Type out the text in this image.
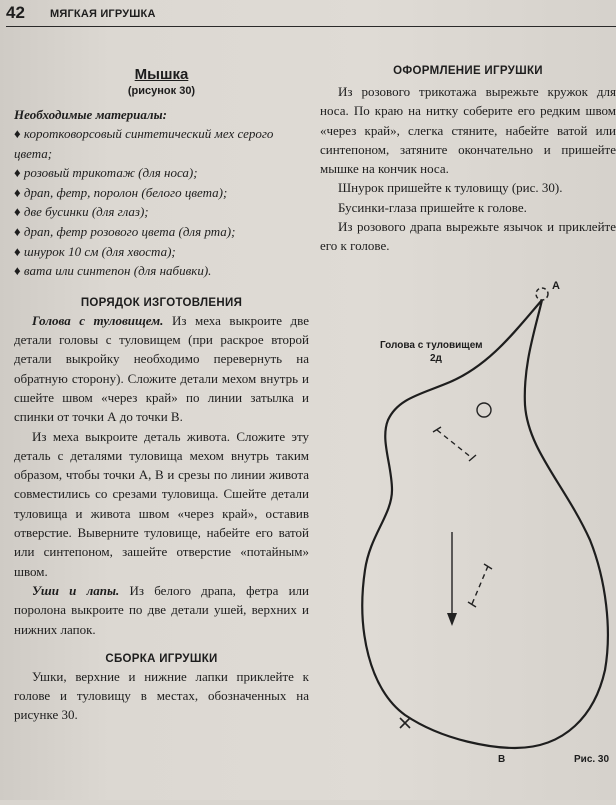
42 МЯГКАЯ ИГРУШКА
Мышка
(рисунок 30)
Необходимые материалы:
♦ коротковорсовый синтетический мех серого цвета;
♦ розовый трикотаж (для носа);
♦ драп, фетр, поролон (белого цвета);
♦ две бусинки (для глаз);
♦ драп, фетр розового цвета (для рта);
♦ шнурок 10 см (для хвоста);
♦ вата или синтепон (для набивки).
ПОРЯДОК ИЗГОТОВЛЕНИЯ

Голова с туловищем. Из меха выкроите две детали головы с туловищем (при раскрое второй детали выкройку необходимо перевернуть на обратную сторону). Сложите детали мехом внутрь и сшейте швом «через край» по линии затылка и спинки от точки А до точки В.

Из меха выкроите деталь живота. Сложите эту деталь с деталями туловища мехом внутрь таким образом, чтобы точки А, В и срезы по линии живота совместились со срезами туловища. Сшейте детали туловища и живота швом «через край», оставив отверстие. Выверните туловище, набейте его ватой или синтепоном, зашейте отверстие «потайным» швом.

Уши и лапы. Из белого драпа, фетра или поролона выкроите по две детали ушей, верхних и нижних лапок.

СБОРКА ИГРУШКИ

Ушки, верхние и нижние лапки приклейте к голове и туловищу в местах, обозначенных на рисунке 30.

ОФОРМЛЕНИЕ ИГРУШКИ

Из розового трикотажа вырежьте кружок для носа. По краю на нитку соберите его редким швом «через край», слегка стяните, набейте ватой или синтепоном, затяните окончательно и пришейте мышке на кончик носа.

Шнурок пришейте к туловищу (рис. 30).

Бусинки-глаза пришейте к голове.

Из розового драпа вырежьте язычок и приклейте его к голове.

Голова с туловищем
2д
А
В	Рис. 30
